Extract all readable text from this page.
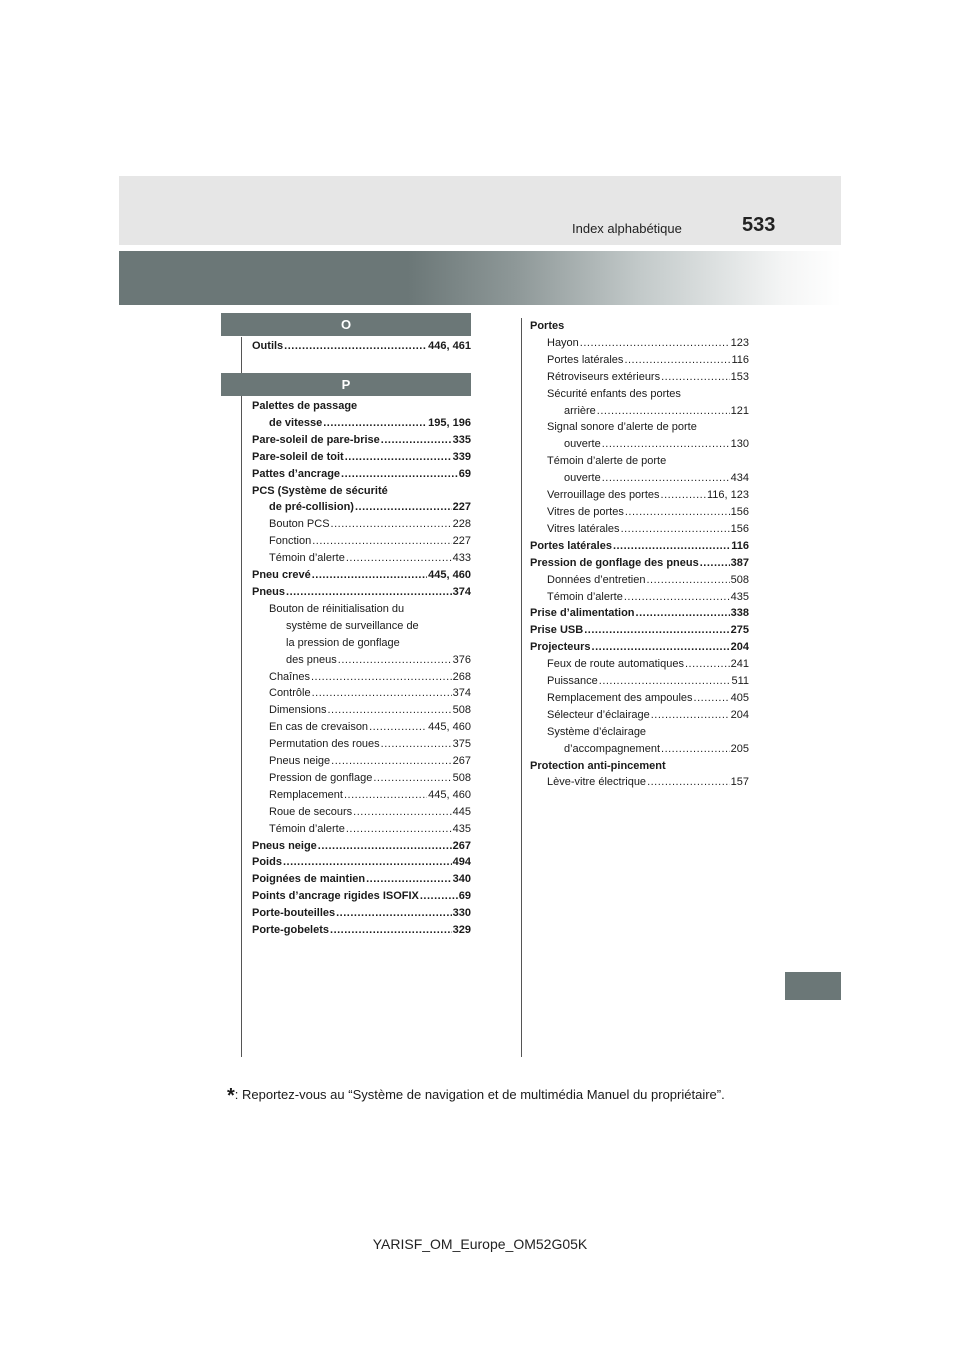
Index alphabétique	533
O
Outils .....	446, 461
P
Palettes de passage
de vitesse .....	195, 196
Pare-soleil de pare-brise .....	335
Pare-soleil de toit .....	339
Pattes d’ancrage .....	69
PCS (Système de sécurité
de pré-collision) .....	227
Bouton PCS .....	228
Fonction .....	227
Témoin d’alerte .....	433
Pneu crevé .....	445, 460
Pneus .....	374
Bouton de réinitialisation du
système de surveillance de
la pression de gonflage
des pneus .....	376
Chaînes .....	268
Contrôle .....	374
Dimensions .....	508
En cas de crevaison .....	445, 460
Permutation des roues .....	375
Pneus neige .....	267
Pression de gonflage .....	508
Remplacement .....	445, 460
Roue de secours .....	445
Témoin d’alerte .....	435
Pneus neige .....	267
Poids .....	494
Poignées de maintien .....	340
Points d’ancrage rigides ISOFIX .....	69
Porte-bouteilles .....	330
Porte-gobelets .....	329
Portes
Hayon .....	123
Portes latérales .....	116
Rétroviseurs extérieurs .....	153
Sécurité enfants des portes
arrière .....	121
Signal sonore d’alerte de porte
ouverte .....	130
Témoin d’alerte de porte
ouverte .....	434
Verrouillage des portes .....	116, 123
Vitres de portes .....	156
Vitres latérales .....	156
Portes latérales .....	116
Pression de gonflage des pneus .....	387
Données d’entretien .....	508
Témoin d’alerte .....	435
Prise d’alimentation .....	338
Prise USB .....	275
Projecteurs .....	204
Feux de route automatiques .....	241
Puissance .....	511
Remplacement des ampoules .....	405
Sélecteur d’éclairage .....	204
Système d’éclairage
d’accompagnement .....	205
Protection anti-pincement
Lève-vitre électrique .....	157
*: Reportez-vous au “Système de navigation et de multimédia Manuel du propriétaire”.
YARISF_OM_Europe_OM52G05K
